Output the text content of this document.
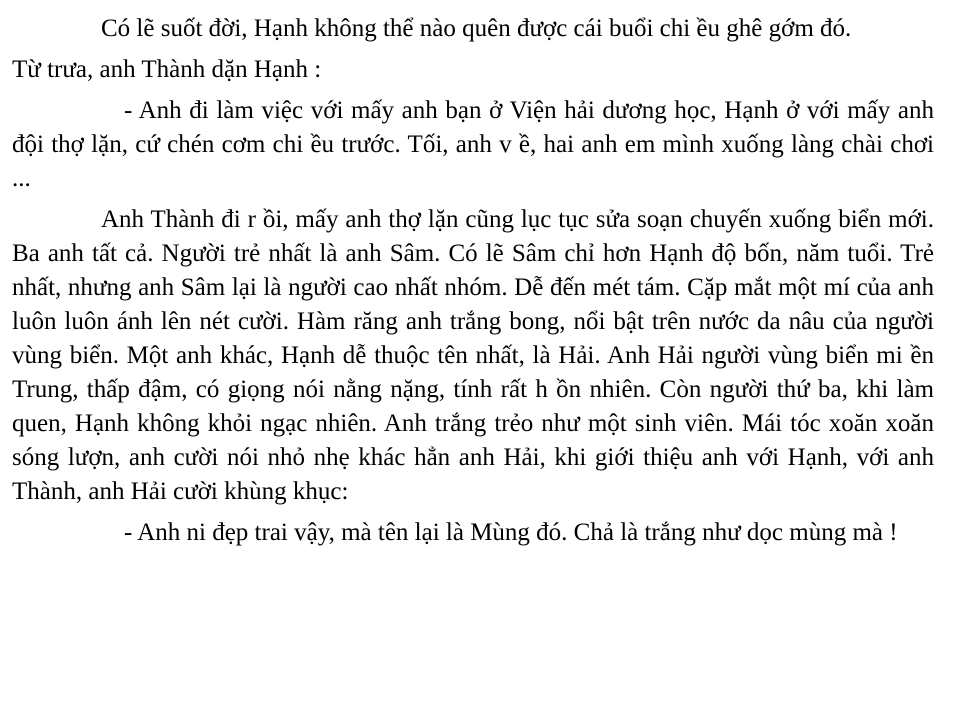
Có lẽ suốt đời, Hạnh không thể nào quên được cái buổi chi ều ghê gớm đó.

Từ trưa, anh Thành dặn Hạnh :

- Anh đi làm việc với mấy anh bạn ở Viện hải dương học, Hạnh ở với mấy anh đội thợ lặn, cứ chén cơm chi ều trước. Tối, anh v ề, hai anh em mình xuống làng chài chơi ...

Anh Thành đi r ồi, mấy anh thợ lặn cũng lục tục sửa soạn chuyến xuống biển mới. Ba anh tất cả. Người trẻ nhất là anh Sâm. Có lẽ Sâm chỉ hơn Hạnh độ bốn, năm tuổi. Trẻ nhất, nhưng anh Sâm lại là người cao nhất nhóm. Dễ đến mét tám. Cặp mắt một mí của anh luôn luôn ánh lên nét cười. Hàm răng anh trắng bong, nổi bật trên nước da nâu của người vùng biển. Một anh khác, Hạnh dễ thuộc tên nhất, là Hải. Anh Hải người vùng biển mi ền Trung, thấp đậm, có giọng nói nằng nặng, tính rất h ồn nhiên. Còn người thứ ba, khi làm quen, Hạnh không khỏi ngạc nhiên. Anh trắng trẻo như một sinh viên. Mái tóc xoăn xoăn sóng lượn, anh cười nói nhỏ nhẹ khác hẳn anh Hải, khi giới thiệu anh với Hạnh, với anh Thành, anh Hải cười khùng khục:

- Anh ni đẹp trai vậy, mà tên lại là Mùng đó. Chả là trắng như dọc mùng mà !
